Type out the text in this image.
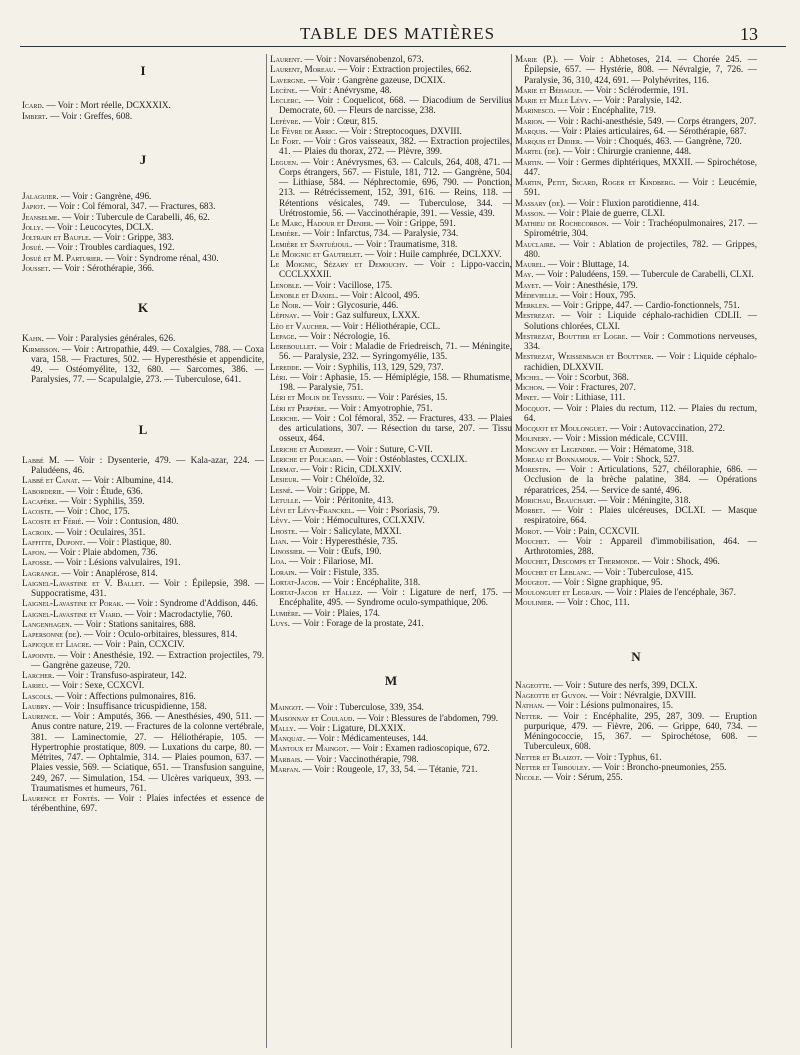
TABLE DES MATIÈRES	13
I
Icard. — Voir : Mort réelle, DCXXXIX.
Imbert. — Voir : Greffes, 608.
J
Jalaguier. — Voir : Gangrène, 496.
Japiot. — Voir : Col fémoral, 347. — Fractures, 683.
Jeanselme. — Voir : Tubercule de Carabelli, 46, 62.
Jolly. — Voir : Leucocytes, DCLX.
Joltrain et Baufle. — Voir : Grippe, 383.
Josué. — Voir : Troubles cardiaques, 192.
Josué et M. Parturier. — Voir : Syndrome rénal, 430.
Jousset. — Voir : Sérothérapie, 366.
K
Kahn. — Voir : Paralysies générales, 626.
Kirmisson. — Voir : Artropathie, 449. — Coxalgies, 788. — Coxa vara, 158. — Fractures, 502. — Hyperesthésie et appendicite, 49. — Ostéomyélite, 132, 680. — Sarcomes, 386. — Paralysies, 77. — Scapulalgie, 273. — Tuberculose, 641.
L
Labbé M. — Voir : Dysenterie, 479. — Kala-azar, 224. — Paludéens, 46.
Labbé et Canat. — Voir : Albumine, 414.
Laborderie. — Voir : Étude, 636.
Lacapère. — Voir : Syphilis, 359.
Lacoste. — Voir : Choc, 175.
Lacoste et Férié. — Voir : Contusion, 480.
Lacroix. — Voir : Oculaires, 351.
Laffitte, Dupont. — Voir : Plastique, 80.
Lafon. — Voir : Plaie abdomen, 736.
Lafosse. — Voir : Lésions valvulaires, 191.
Lagrange. — Voir : Anaplérose, 814.
Laignel-Lavastine et V. Ballet. — Voir : Épilepsie, 398. — Suppocratisme, 431.
Laignel-Lavastine et Porak. — Voir : Syndrome d'Addison, 446.
Laignel-Lavastine et Viard. — Voir : Macrodactylie, 760.
Langenhagen. — Voir : Stations sanitaires, 688.
Lapersonne (de). — Voir : Oculo-orbitaires, blessures, 814.
Lapicque et Liacre. — Voir : Pain, CCXCIV.
Lapointe. — Voir : Anesthésie, 192. — Extraction projectiles, 79. — Gangrène gazeuse, 720.
Larcher. — Voir : Transfuso-aspirateur, 142.
Larieu. — Voir : Sexe, CCXCVI.
Lascols. — Voir : Affections pulmonaires, 816.
Laubry. — Voir : Insuffisance tricuspidienne, 158.
Laurence. — Voir : Amputés, 366. — Anesthésies, 490, 511. — Anus contre nature, 219. — Fractures de la colonne vertébrale, 381. — Laminectomie, 27. — Héliothérapie, 105. — Hypertrophie prostatique, 809. — Luxations du carpe, 80. — Métrites, 747. — Ophtalmie, 314. — Plaies poumon, 637. — Plaies vessie, 569. — Sciatique, 651. — Transfusion sanguine, 249, 267. — Simulation, 154. — Ulcères variqueux, 393. — Traumatismes et humeurs, 761.
Laurence et Fontès. — Voir : Plaies infectées et essence de térébenthine, 697.
Laurent. — Voir : Novarsénobenzol, 673.
Laurent, Moreau. — Voir : Extraction projectiles, 662.
Lavergne. — Voir : Gangrène gazeuse, DCXIX.
Lecène. — Voir : Anévrysme, 48.
Leclerc. — Voir : Coquelicot, 668. — Diacodium de Servilius Democrate, 60. — Fleurs de narcisse, 238.
Lefèvre. — Voir : Cœur, 815.
Le Fèvre de Arric. — Voir : Streptocoques, DXVIII.
Le Fort. — Voir : Gros vaisseaux, 382. — Extraction projectiles, 41. — Plaies du thorax, 272. — Plèvre, 399.
Leguen. — Voir : Anévrysmes, 63. — Calculs, 264, 408, 471. — Corps étrangers, 567. — Fistule, 181, 712. — Gangrène, 504. — Lithiase, 584. — Néphrectomie, 696, 790. — Ponction, 213. — Rétrécissement, 152, 391, 616. — Reins, 118. — Rétentions vésicales, 749. — Tuberculose, 344. — Urétrostomie, 56. — Vaccinothérapie, 391. — Vessie, 439.
Le Marc, Hadour et Denier. — Voir : Grippe, 591.
Lemière. — Voir : Infarctus, 734. — Paralysie, 734.
Lemière et Santuéjoul. — Voir : Traumatisme, 318.
Le Moignic et Gautrelet. — Voir : Huile camphrée, DCLXXV.
Le Moignic, Sézary et Demouchy. — Voir : Lippo-vaccin, CCCLXXXII.
Lenoble. — Voir : Vacillose, 175.
Lenoble et Daniel. — Voir : Alcool, 495.
Le Noir. — Voir : Glycosurie, 446.
Lépinay. — Voir : Gaz sulfureux, LXXX.
Léo et Vaucher. — Voir : Héliothérapie, CCL.
Lepage. — Voir : Nécrologie, 16.
Lereboullet. — Voir : Maladie de Friedreisch, 71. — Méningite, 56. — Paralysie, 232. — Syringomyélie, 135.
Leredde. — Voir : Syphilis, 113, 129, 529, 737.
Léri. — Voir : Aphasie, 15. — Hémiplégie, 158. — Rhumatisme, 198. — Paralysie, 751.
Léri et Molin de Teyssieu. — Voir : Parésies, 15.
Léri et Perpère. — Voir : Amyotrophie, 751.
Leriche. — Voir : Col fémoral, 352. — Fractures, 433. — Plaies des articulations, 307. — Résection du tarse, 207. — Tissu osseux, 464.
Leriche et Audibert. — Voir : Suture, C-VII.
Leriche et Policard. — Voir : Ostéoblastes, CCXLIX.
Lermat. — Voir : Ricin, CDLXXIV.
Lesieur. — Voir : Chéloïde, 32.
Lesné. — Voir : Grippe, M.
Letulle. — Voir : Péritonite, 413.
Lévi et Lévy-Franckel. — Voir : Psoriasis, 79.
Lévy. — Voir : Hémocultures, CCLXXIV.
Lhoste. — Voir : Salicylate, MXXI.
Lian. — Voir : Hyperesthésie, 735.
Linossier. — Voir : Œufs, 190.
Loa. — Voir : Filariose, MI.
Lorain. — Voir : Fistule, 335.
Lortat-Jacob. — Voir : Encéphalite, 318.
Lortat-Jacob et Hallez. — Voir : Ligature de nerf, 175. — Encéphalite, 495. — Syndrome oculo-sympathique, 206.
Lumière. — Voir : Plaies, 174.
Luys. — Voir : Forage de la prostate, 241.
M
Maingot. — Voir : Tuberculose, 339, 354.
Maisonnay et Coulaud. — Voir : Blessures de l'abdomen, 799.
Mally. — Voir : Ligature, DLXXIX.
Manquat. — Voir : Médicamenteuses, 144.
Mantoux et Maingot. — Voir : Examen radioscopique, 672.
Marbais. — Voir : Vaccinothérapie, 798.
Marfan. — Voir : Rougeole, 17, 33, 54. — Tétanie, 721.
Marie (P.). — Voir : Abhetoses, 214. — Chorée 245. — Épilepsie, 657. — Hystérie, 808. — Névralgie, 7, 726. — Paralysie, 36, 310, 424, 691. — Polyhévrites, 116.
Marie et Béhague. — Voir : Sclérodermie, 191.
Marie et Mlle Lévy. — Voir : Paralysie, 142.
Marinesco. — Voir : Encéphalite, 719.
Marion. — Voir : Rachi-anesthésie, 549. — Corps étrangers, 207.
Marquis. — Voir : Plaies articulaires, 64. — Sérothérapie, 687.
Marquis et Didier. — Voir : Choqués, 463. — Gangrène, 720.
Martel (de). — Voir : Chirurgie cranienne, 448.
Martin. — Voir : Germes diphtériques, MXXII. — Spirochétose, 447.
Martin, Petit, Sicard, Roger et Kindberg. — Voir : Leucémie, 591.
Massary (de). — Voir : Fluxion parotidienne, 414.
Masson. — Voir : Plaie de guerre, CLXI.
Mathieu de Rochecorbon. — Voir : Trachéopulmonaires, 217. — Spirométrie, 304.
Mauclaire. — Voir : Ablation de projectiles, 782. — Grippes, 480.
Maurel. — Voir : Bluttage, 14.
May. — Voir : Paludéens, 159. — Tubercule de Carabelli, CLXI.
Mayet. — Voir : Anesthésie, 179.
Médevielle. — Voir : Houx, 795.
Merklen. — Voir : Grippe, 447. — Cardio-fonctionnels, 751.
Mestrezat. — Voir : Liquide céphalo-rachidien CDLII. — Solutions chlorées, CLXI.
Mestrezat, Bouttier et Logre. — Voir : Commotions nerveuses, 334.
Mestrezat, Weissenbach et Bouttner. — Voir : Liquide céphalo-rachidien, DLXXVII.
Michel. — Voir : Scorbut, 368.
Michon. — Voir : Fractures, 207.
Minet. — Voir : Lithiase, 111.
Mocquot. — Voir : Plaies du rectum, 112. — Plaies du rectum, 64.
Mocquot et Moulonguet. — Voir : Autovaccination, 272.
Molinery. — Voir : Mission médicale, CCVIII.
Moncany et Legendre. — Voir : Hématome, 318.
Moreau et Bonnamour. — Voir : Shock, 527.
Morestin. — Voir : Articulations, 527, chéiloraphie, 686. — Occlusion de la brèche palatine, 384. — Opérations réparatrices, 254. — Service de santé, 496.
Morichau, Beauchart. — Voir : Méningite, 318.
Morbet. — Voir : Plaies ulcéreuses, DCLXI. — Masque respiratoire, 664.
Morot. — Voir : Pain, CCXCVII.
Mouchet. — Voir : Appareil d'immobilisation, 464. — Arthrotomies, 288.
Mouchet, Descomps et Thermonde. — Voir : Shock, 496.
Mouchet et Leblanc. — Voir : Tuberculose, 415.
Mougeot. — Voir : Signe graphique, 95.
Moulonguet et Legrain. — Voir : Plaies de l'encéphale, 367.
Moulinier. — Voir : Choc, 111.
N
Nagеotte. — Voir : Suture des nerfs, 399, DCLX.
Nageotte et Guyon. — Voir : Névralgie, DXVIII.
Nathan. — Voir : Lésions pulmonaires, 15.
Netter. — Voir : Encéphalite, 295, 287, 309. — Eruption purpurique, 479. — Fièvre, 206. — Grippe, 640, 734. — Méningococcie, 15, 367. — Spirochétose, 608. — Tuberculeux, 608.
Netter et Blaizot. — Voir : Typhus, 61.
Netter et Tribouley. — Voir : Broncho-pneumonies, 255.
Nicole. — Voir : Sérum, 255.
